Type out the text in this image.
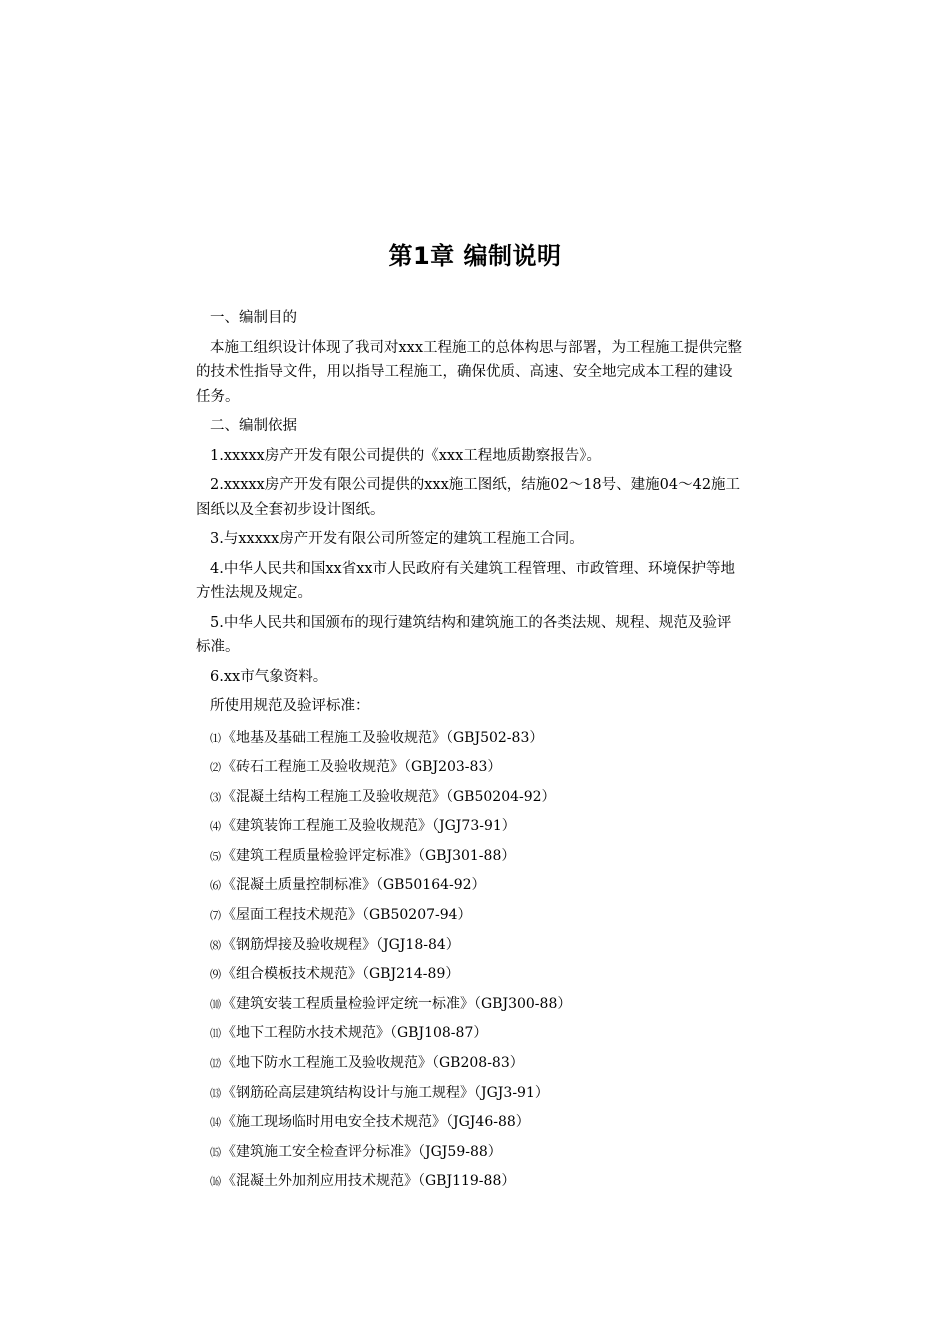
第1章 编制说明

一、编制目的

本施工组织设计体现了我司对xxx工程施工的总体构思与部署，为工程施工提供完整的技术性指导文件，用以指导工程施工，确保优质、高速、安全地完成本工程的建设任务。

二、编制依据

1.xxxxx房产开发有限公司提供的《xxx工程地质勘察报告》。

2.xxxxx房产开发有限公司提供的xxx施工图纸，结施02～18号、建施04～42施工图纸以及全套初步设计图纸。

3.与xxxxx房产开发有限公司所签定的建筑工程施工合同。

4.中华人民共和国xx省xx市人民政府有关建筑工程管理、市政管理、环境保护等地方性法规及规定。

5.中华人民共和国颁布的现行建筑结构和建筑施工的各类法规、规程、规范及验评标准。

6.xx市气象资料。

所使用规范及验评标准：

⑴《地基及基础工程施工及验收规范》（GBJ502-83）
⑵《砖石工程施工及验收规范》（GBJ203-83）
⑶《混凝土结构工程施工及验收规范》（GB50204-92）
⑷《建筑装饰工程施工及验收规范》（JGJ73-91）
⑸《建筑工程质量检验评定标准》（GBJ301-88）
⑹《混凝土质量控制标准》（GB50164-92）
⑺《屋面工程技术规范》（GB50207-94）
⑻《钢筋焊接及验收规程》（JGJ18-84）
⑼《组合模板技术规范》（GBJ214-89）
⑽《建筑安装工程质量检验评定统一标准》（GBJ300-88）
⑾《地下工程防水技术规范》（GBJ108-87）
⑿《地下防水工程施工及验收规范》（GB208-83）
⒀《钢筋砼高层建筑结构设计与施工规程》（JGJ3-91）
⒁《施工现场临时用电安全技术规范》（JGJ46-88）
⒂《建筑施工安全检查评分标准》（JGJ59-88）
⒃《混凝土外加剂应用技术规范》（GBJ119-88）
